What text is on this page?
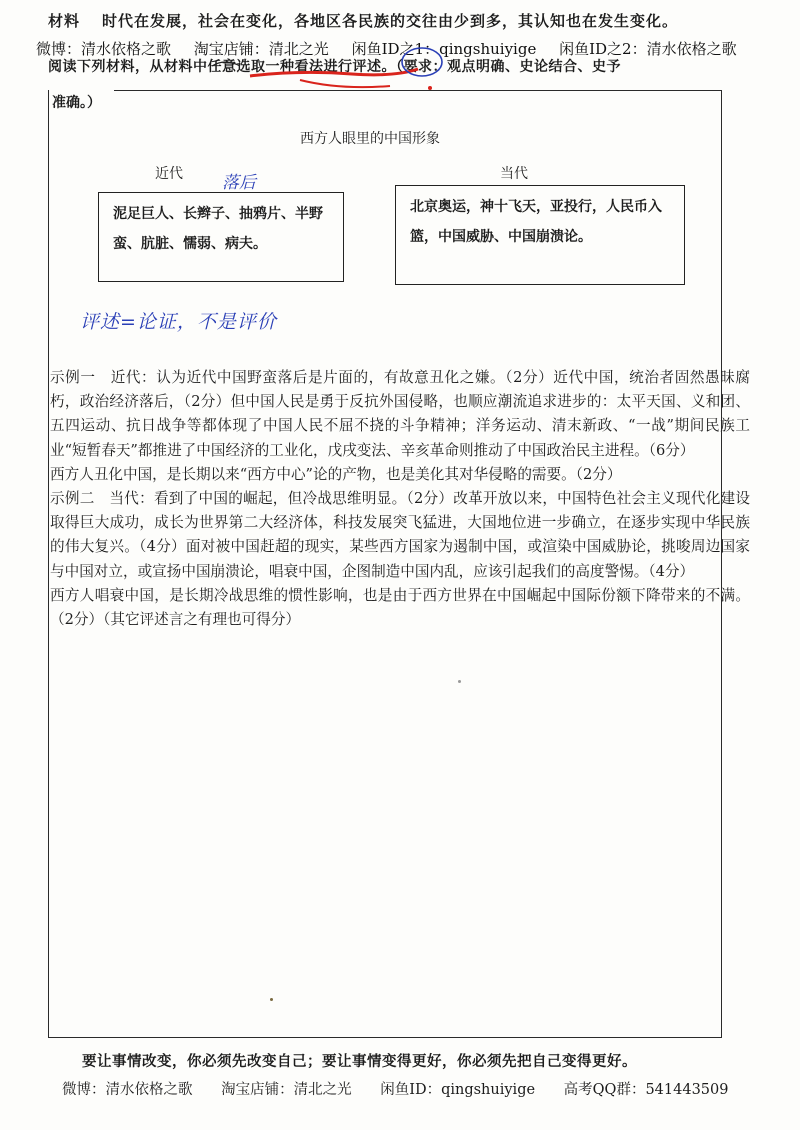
材料 时代在发展，社会在变化，各地区各民族的交往由少到多，其认知也在发生变化。
微博：清水依格之歌 淘宝店铺：清北之光 闲鱼ID之1：qingshuiyige 闲鱼ID之2：清水依格之歌
阅读下列材料，从材料中任意选取一种看法进行评述。（要求：观点明确、史论结合、史予
准确。）
西方人眼里的中国形象
近代 落后	当代
泥足巨人、长辫子、抽鸦片、半野蛮、肮脏、懦弱、病夫。
北京奥运，神十飞天，亚投行，人民币入篮，中国威胁、中国崩溃论。
评述=论证，不是评价

示例一　近代：认为近代中国野蛮落后是片面的，有故意丑化之嫌。（2分）近代中国，统治者固然愚昧腐朽，政治经济落后，（2分）但中国人民是勇于反抗外国侵略，也顺应潮流追求进步的：太平天国、义和团、五四运动、抗日战争等都体现了中国人民不屈不挠的斗争精神；洋务运动、清末新政、“一战”期间民族工业“短暂春天”都推进了中国经济的工业化，戊戌变法、辛亥革命则推动了中国政治民主进程。（6分）

西方人丑化中国，是长期以来“西方中心”论的产物，也是美化其对华侵略的需要。（2分）

示例二　当代：看到了中国的崛起，但冷战思维明显。（2分）改革开放以来，中国特色社会主义现代化建设取得巨大成功，成长为世界第二大经济体，科技发展突飞猛进，大国地位进一步确立，在逐步实现中华民族的伟大复兴。（4分）面对被中国赶超的现实，某些西方国家为遏制中国，或渲染中国威胁论，挑唆周边国家与中国对立，或宣扬中国崩溃论，唱衰中国，企图制造中国内乱，应该引起我们的高度警惕。（4分）

西方人唱衰中国，是长期冷战思维的惯性影响，也是由于西方世界在中国崛起中国际份额下降带来的不满。（2分）（其它评述言之有理也可得分）

要让事情改变，你必须先改变自己；要让事情变得更好，你必须先把自己变得更好。
微博：清水依格之歌 淘宝店铺：清北之光 闲鱼ID：qingshuiyige 高考QQ群：541443509
